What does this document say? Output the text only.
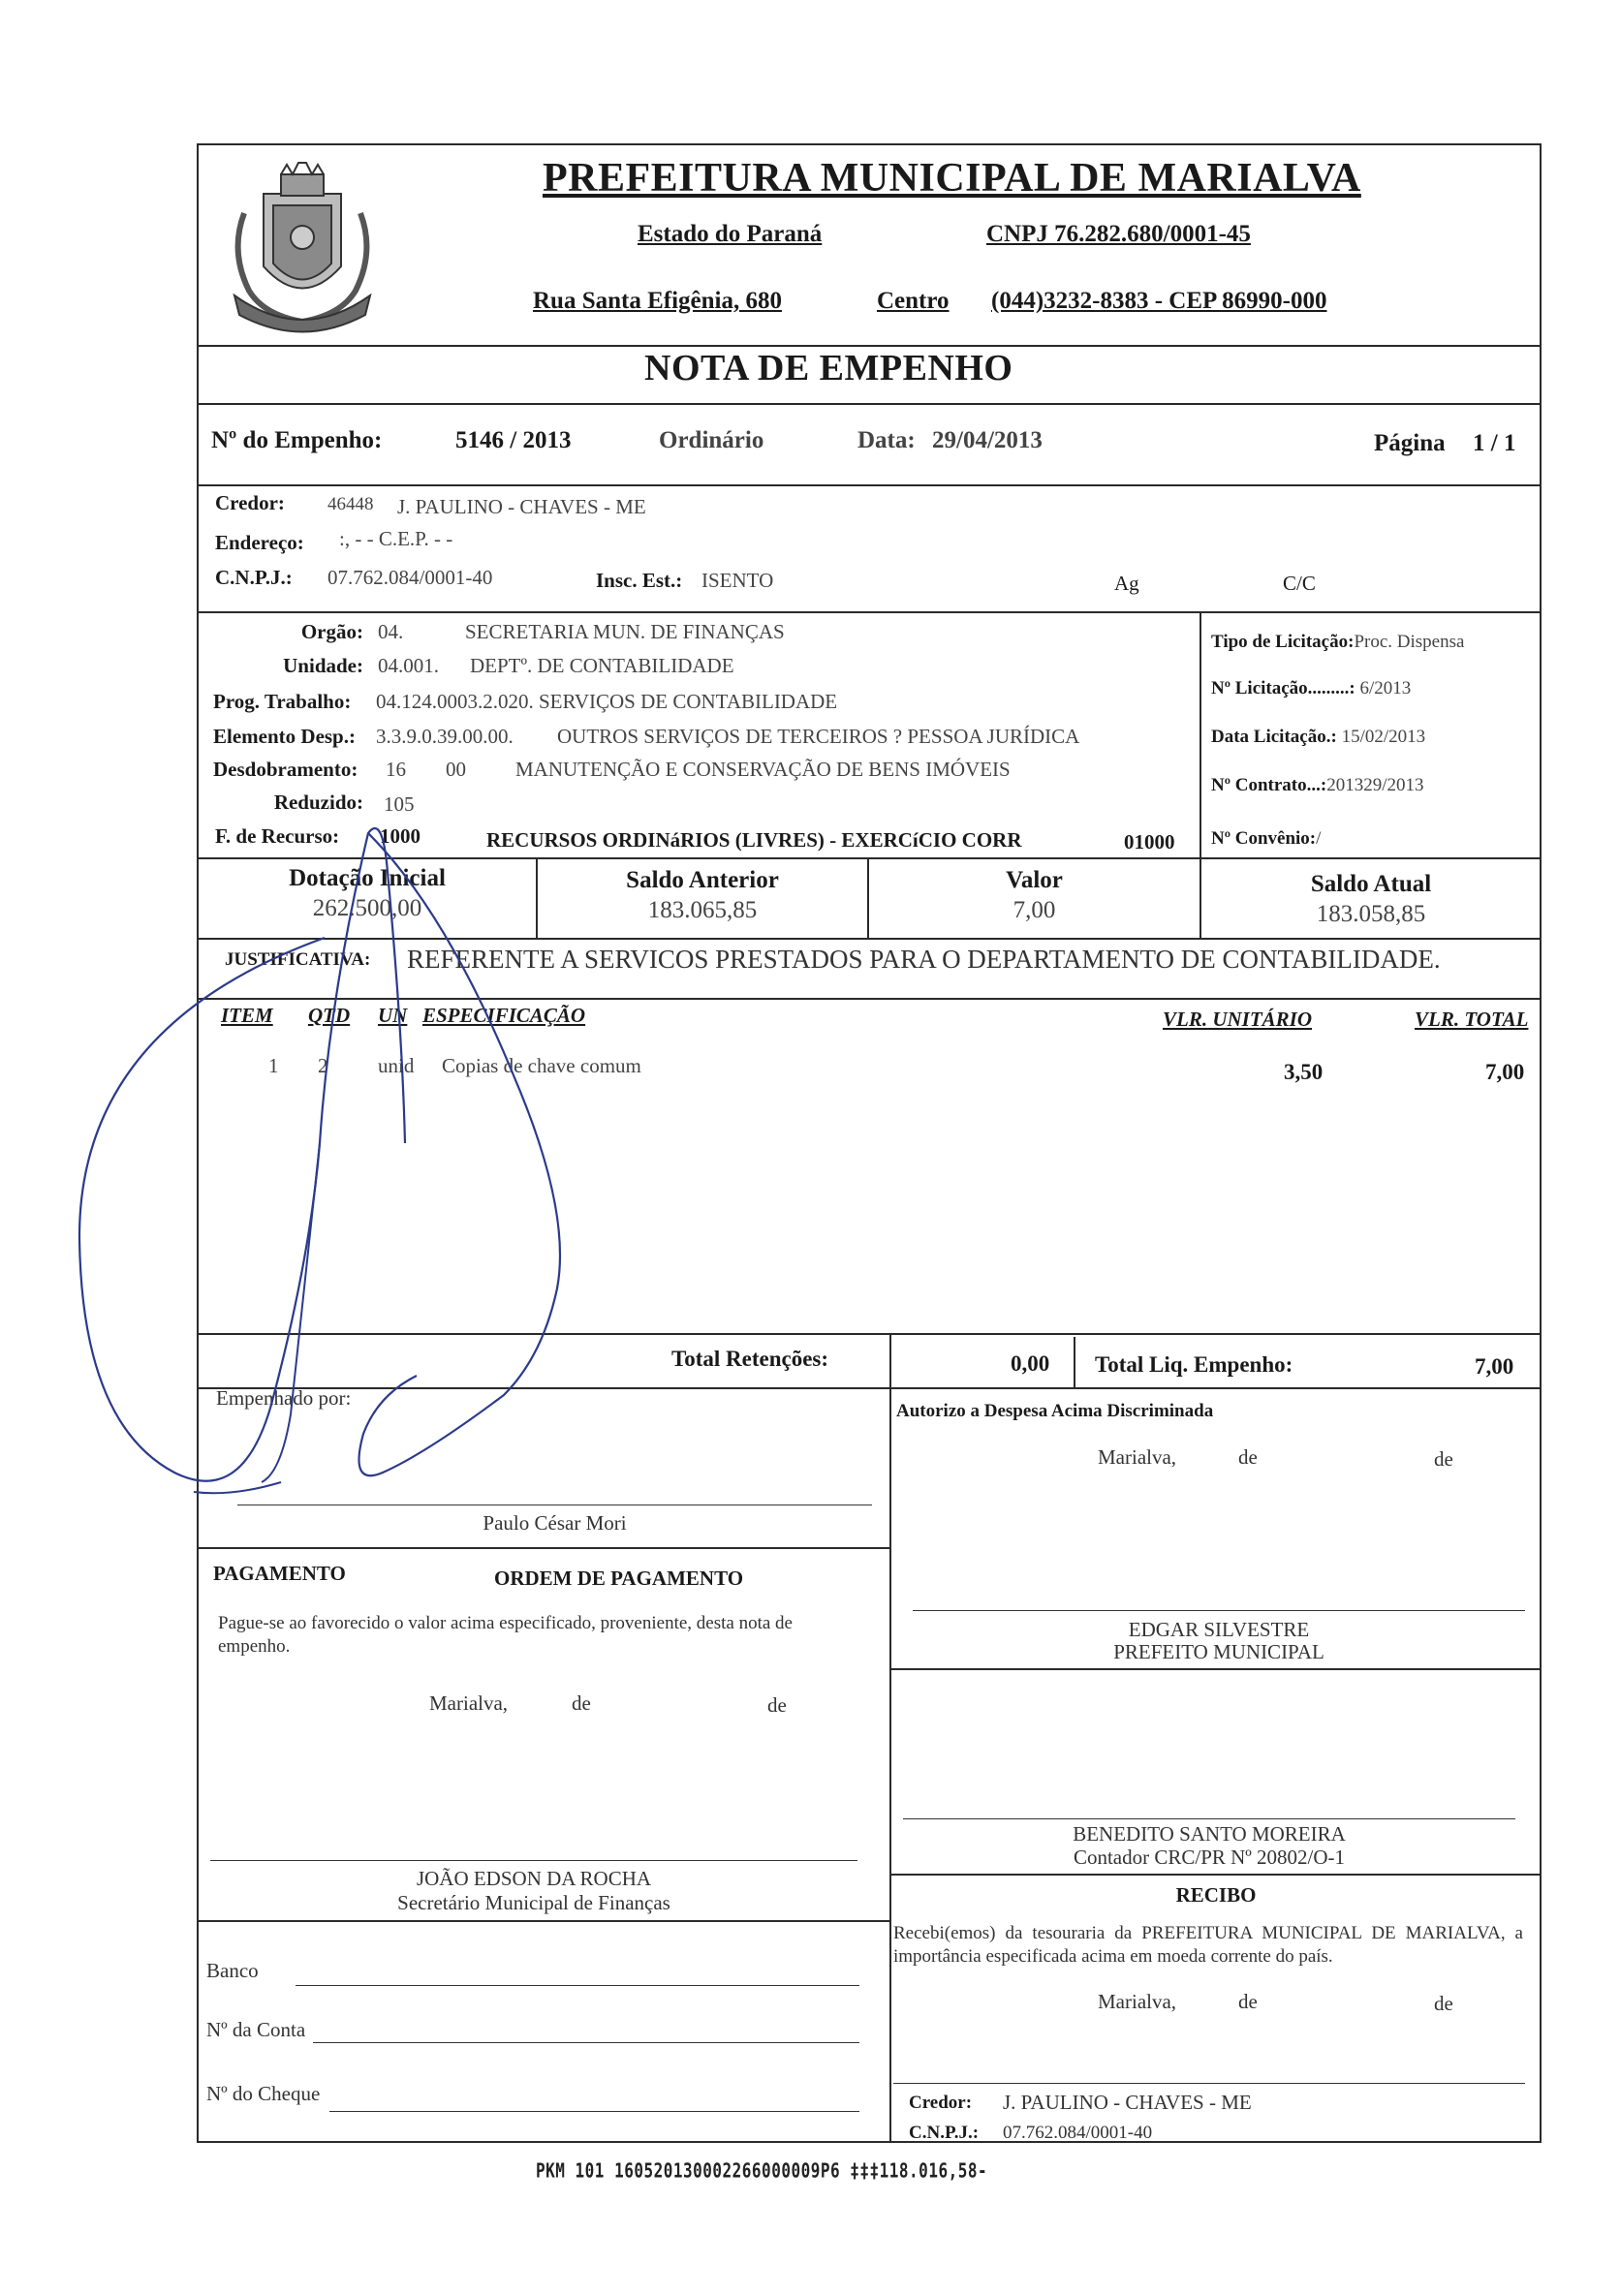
PREFEITURA MUNICIPAL DE MARIALVA
Estado do Paraná	CNPJ 76.282.680/0001-45
Rua Santa Efigênia, 680	Centro (044)3232-8383 - CEP 86990-000
NOTA DE EMPENHO
Nº do Empenho:	5146 / 2013	Ordinário	Data: 29/04/2013	Página 1 / 1
Credor: 46448 J. PAULINO - CHAVES - ME
Endereço: :, - - C.E.P. - -
C.N.P.J.: 07.762.084/0001-40	Insc. Est.: ISENTO	Ag	C/C
Orgão: 04.	SECRETARIA MUN. DE FINANÇAS
Unidade: 04.001. DEPTº. DE CONTABILIDADE
Prog. Trabalho: 04.124.0003.2.020. SERVIÇOS DE CONTABILIDADE
Elemento Desp.: 3.3.9.0.39.00.00. OUTROS SERVIÇOS DE TERCEIROS ? PESSOA JURÍDICA
Desdobramento: 16 00 MANUTENÇÃO E CONSERVAÇÃO DE BENS IMÓVEIS
Reduzido: 105
F. de Recurso: 1000	RECURSOS ORDINáRIOS (LIVRES) - EXERCíCIO CORR	01000
Tipo de Licitação:Proc. Dispensa
Nº Licitação.........: 6/2013
Data Licitação.: 15/02/2013
Nº Contrato...:201329/2013
Nº Convênio:/
Dotação Inicial
262.500,00
Saldo Anterior
183.065,85
Valor
7,00
Saldo Atual
183.058,85
JUSTIFICATIVA: REFERENTE A SERVICOS PRESTADOS PARA O DEPARTAMENTO DE CONTABILIDADE.
ITEM QTD UN ESPECIFICAÇÃO	VLR. UNITÁRIO	VLR. TOTAL
1 2 unid Copias de chave comum	3,50	7,00
Total Retenções:	0,00 Total Liq. Empenho:	7,00
Empenhado por:
Paulo César Mori
PAGAMENTO	ORDEM DE PAGAMENTO
Pague-se ao favorecido o valor acima especificado, proveniente, desta nota de empenho.
Marialva,	de	de
JOÃO EDSON DA ROCHA
Secretário Municipal de Finanças
Banco
Nº da Conta
Nº do Cheque
Autorizo a Despesa Acima Discriminada
Marialva,	de	de
EDGAR SILVESTRE
PREFEITO MUNICIPAL
BENEDITO SANTO MOREIRA
Contador CRC/PR Nº 20802/O-1
RECIBO
Recebi(emos) da tesouraria da PREFEITURA MUNICIPAL DE MARIALVA, a importância especificada acima em moeda corrente do país.
Marialva,	de	de
Credor: J. PAULINO - CHAVES - ME
C.N.P.J.: 07.762.084/0001-40
PKM 101 160520130002266000009P6 ‡‡‡118.016,58-
